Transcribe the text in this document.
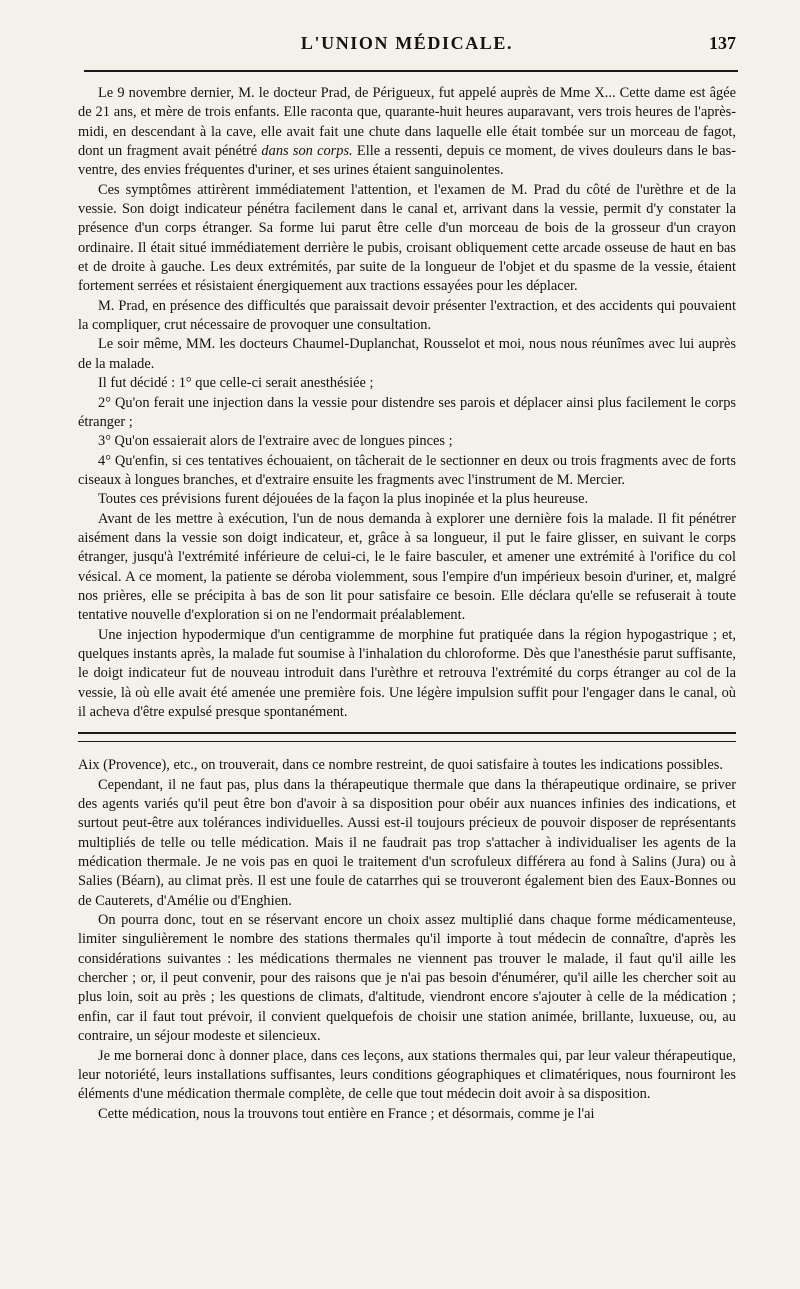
L'UNION MÉDICALE.	137

Le 9 novembre dernier, M. le docteur Prad, de Périgueux, fut appelé auprès de Mme X... Cette dame est âgée de 21 ans, et mère de trois enfants. Elle raconta que, quarante-huit heures auparavant, vers trois heures de l'après-midi, en descendant à la cave, elle avait fait une chute dans laquelle elle était tombée sur un morceau de fagot, dont un fragment avait pénétré dans son corps. Elle a ressenti, depuis ce moment, de vives douleurs dans le bas-ventre, des envies fréquentes d'uriner, et ses urines étaient sanguinolentes.

Ces symptômes attirèrent immédiatement l'attention, et l'examen de M. Prad du côté de l'urèthre et de la vessie. Son doigt indicateur pénétra facilement dans le canal et, arrivant dans la vessie, permit d'y constater la présence d'un corps étranger. Sa forme lui parut être celle d'un morceau de bois de la grosseur d'un crayon ordinaire. Il était situé immédiatement derrière le pubis, croisant obliquement cette arcade osseuse de haut en bas et de droite à gauche. Les deux extrémités, par suite de la longueur de l'objet et du spasme de la vessie, étaient fortement serrées et résistaient énergiquement aux tractions essayées pour les déplacer.

M. Prad, en présence des difficultés que paraissait devoir présenter l'extraction, et des accidents qui pouvaient la compliquer, crut nécessaire de provoquer une consultation.

Le soir même, MM. les docteurs Chaumel-Duplanchat, Rousselot et moi, nous nous réunîmes avec lui auprès de la malade.

Il fut décidé : 1° que celle-ci serait anesthésiée ;

2° Qu'on ferait une injection dans la vessie pour distendre ses parois et déplacer ainsi plus facilement le corps étranger ;

3° Qu'on essaierait alors de l'extraire avec de longues pinces ;

4° Qu'enfin, si ces tentatives échouaient, on tâcherait de le sectionner en deux ou trois fragments avec de forts ciseaux à longues branches, et d'extraire ensuite les fragments avec l'instrument de M. Mercier.

Toutes ces prévisions furent déjouées de la façon la plus inopinée et la plus heureuse.

Avant de les mettre à exécution, l'un de nous demanda à explorer une dernière fois la malade. Il fit pénétrer aisément dans la vessie son doigt indicateur, et, grâce à sa longueur, il put le faire glisser, en suivant le corps étranger, jusqu'à l'extrémité inférieure de celui-ci, le le faire basculer, et amener une extrémité à l'orifice du col vésical. A ce moment, la patiente se déroba violemment, sous l'empire d'un impérieux besoin d'uriner, et, malgré nos prières, elle se précipita à bas de son lit pour satisfaire ce besoin. Elle déclara qu'elle se refuserait à toute tentative nouvelle d'exploration si on ne l'endormait préalablement.

Une injection hypodermique d'un centigramme de morphine fut pratiquée dans la région hypogastrique ; et, quelques instants après, la malade fut soumise à l'inhalation du chloroforme. Dès que l'anesthésie parut suffisante, le doigt indicateur fut de nouveau introduit dans l'urèthre et retrouva l'extrémité du corps étranger au col de la vessie, là où elle avait été amenée une première fois. Une légère impulsion suffit pour l'engager dans le canal, où il acheva d'être expulsé presque spontanément.

Aix (Provence), etc., on trouverait, dans ce nombre restreint, de quoi satisfaire à toutes les indications possibles.

Cependant, il ne faut pas, plus dans la thérapeutique thermale que dans la thérapeutique ordinaire, se priver des agents variés qu'il peut être bon d'avoir à sa disposition pour obéir aux nuances infinies des indications, et surtout peut-être aux tolérances individuelles. Aussi est-il toujours précieux de pouvoir disposer de représentants multipliés de telle ou telle médication. Mais il ne faudrait pas trop s'attacher à individualiser les agents de la médication thermale. Je ne vois pas en quoi le traitement d'un scrofuleux différera au fond à Salins (Jura) ou à Salies (Béarn), au climat près. Il est une foule de catarrhes qui se trouveront également bien des Eaux-Bonnes ou de Cauterets, d'Amélie ou d'Enghien.

On pourra donc, tout en se réservant encore un choix assez multiplié dans chaque forme médicamenteuse, limiter singulièrement le nombre des stations thermales qu'il importe à tout médecin de connaître, d'après les considérations suivantes : les médications thermales ne viennent pas trouver le malade, il faut qu'il aille les chercher ; or, il peut convenir, pour des raisons que je n'ai pas besoin d'énumérer, qu'il aille les chercher soit au plus loin, soit au près ; les questions de climats, d'altitude, viendront encore s'ajouter à celle de la médication ; enfin, car il faut tout prévoir, il convient quelquefois de choisir une station animée, brillante, luxueuse, ou, au contraire, un séjour modeste et silencieux.

Je me bornerai donc à donner place, dans ces leçons, aux stations thermales qui, par leur valeur thérapeutique, leur notoriété, leurs installations suffisantes, leurs conditions géographiques et climatériques, nous fourniront les éléments d'une médication thermale complète, de celle que tout médecin doit avoir à sa disposition.

Cette médication, nous la trouvons tout entière en France ; et désormais, comme je l'ai
